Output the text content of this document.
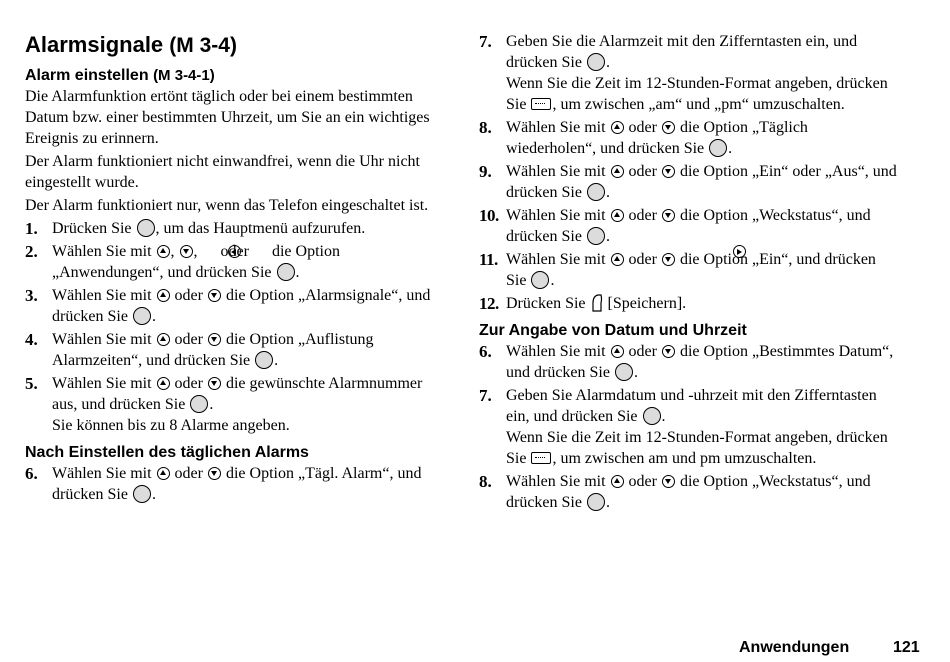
Alarmsignale (M 3-4)
Alarm einstellen (M 3-4-1)

Die Alarmfunktion ertönt täglich oder bei einem bestimmten Datum bzw. einer bestimmten Uhrzeit, um Sie an ein wichtiges Ereignis zu erinnern.

Der Alarm funktioniert nicht einwandfrei, wenn die Uhr nicht eingestellt wurde.

Der Alarm funktioniert nur, wenn das Telefon eingeschaltet ist.

1. Drücken Sie , um das Hauptmenü aufzurufen.
2. Wählen Sie mit , , oder die Option „Anwendungen“, und drücken Sie .
3. Wählen Sie mit oder die Option „Alarmsignale“, und drücken Sie .
4. Wählen Sie mit oder die Option „Auflistung Alarmzeiten“, und drücken Sie .
5. Wählen Sie mit oder die gewünschte Alarmnummer aus, und drücken Sie .
Sie können bis zu 8 Alarme angeben.
Nach Einstellen des täglichen Alarms
6. Wählen Sie mit oder die Option „Tägl. Alarm“, und drücken Sie .
7. Geben Sie die Alarmzeit mit den Zifferntasten ein, und drücken Sie .
Wenn Sie die Zeit im 12-Stunden-Format angeben, drücken Sie , um zwischen „am“ und „pm“ umzuschalten.
8. Wählen Sie mit oder die Option „Täglich wiederholen“, und drücken Sie .
9. Wählen Sie mit oder die Option „Ein“ oder „Aus“, und drücken Sie .
10. Wählen Sie mit oder die Option „Weckstatus“, und drücken Sie .
11. Wählen Sie mit oder die Option „Ein“, und drücken Sie .
12. Drücken Sie [Speichern].
Zur Angabe von Datum und Uhrzeit
6. Wählen Sie mit oder die Option „Bestimmtes Datum“, und drücken Sie .
7. Geben Sie Alarmdatum und -uhrzeit mit den Zifferntasten ein, und drücken Sie .
Wenn Sie die Zeit im 12-Stunden-Format angeben, drücken Sie , um zwischen am und pm umzuschalten.
8. Wählen Sie mit oder die Option „Weckstatus“, und drücken Sie .
Anwendungen	121
